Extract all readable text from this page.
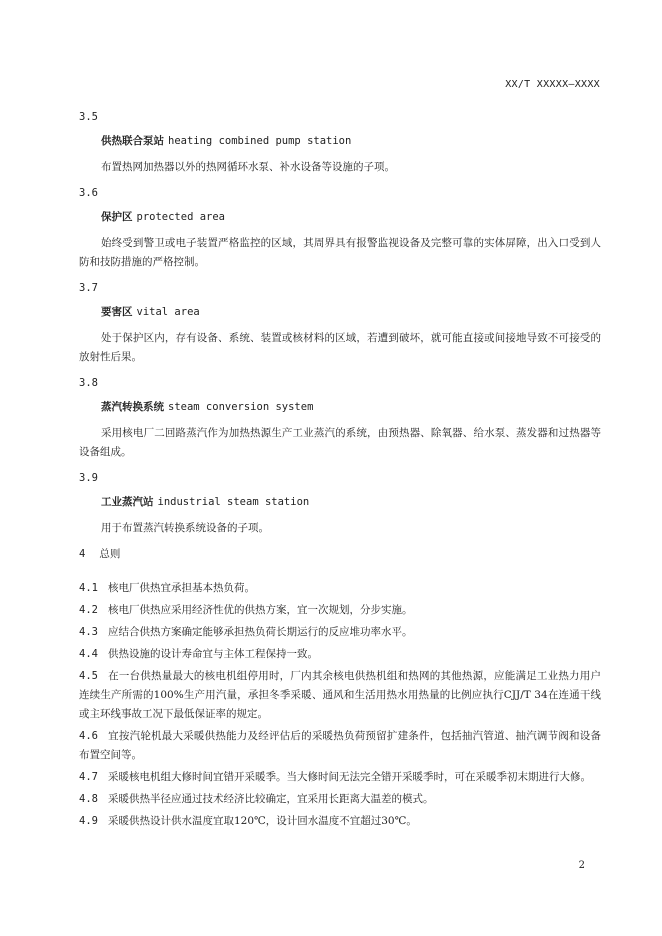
XX/T XXXXX—XXXX
3.5
供热联合泵站 heating combined pump station
布置热网加热器以外的热网循环水泵、补水设备等设施的子项。
3.6
保护区 protected area
始终受到警卫或电子装置严格监控的区域，其周界具有报警监视设备及完整可靠的实体屏障，出入口受到人防和技防措施的严格控制。
3.7
要害区 vital area
处于保护区内，存有设备、系统、装置或核材料的区域，若遭到破坏，就可能直接或间接地导致不可接受的放射性后果。
3.8
蒸汽转换系统 steam conversion system
采用核电厂二回路蒸汽作为加热热源生产工业蒸汽的系统，由预热器、除氧器、给水泵、蒸发器和过热器等设备组成。
3.9
工业蒸汽站 industrial steam station
用于布置蒸汽转换系统设备的子项。
4 总则
4.1 核电厂供热宜承担基本热负荷。
4.2 核电厂供热应采用经济性优的供热方案，宜一次规划，分步实施。
4.3 应结合供热方案确定能够承担热负荷长期运行的反应堆功率水平。
4.4 供热设施的设计寿命宜与主体工程保持一致。
4.5 在一台供热量最大的核电机组停用时，厂内其余核电供热机组和热网的其他热源，应能满足工业热力用户连续生产所需的100%生产用汽量，承担冬季采暖、通风和生活用热水用热量的比例应执行CJJ/T 34在连通干线或主环线事故工况下最低保证率的规定。
4.6 宜按汽轮机最大采暖供热能力及经评估后的采暖热负荷预留扩建条件，包括抽汽管道、抽汽调节阀和设备布置空间等。
4.7 采暖核电机组大修时间宜错开采暖季。当大修时间无法完全错开采暖季时，可在采暖季初末期进行大修。
4.8 采暖供热半径应通过技术经济比较确定，宜采用长距离大温差的模式。
4.9 采暖供热设计供水温度宜取120℃，设计回水温度不宜超过30℃。
2
